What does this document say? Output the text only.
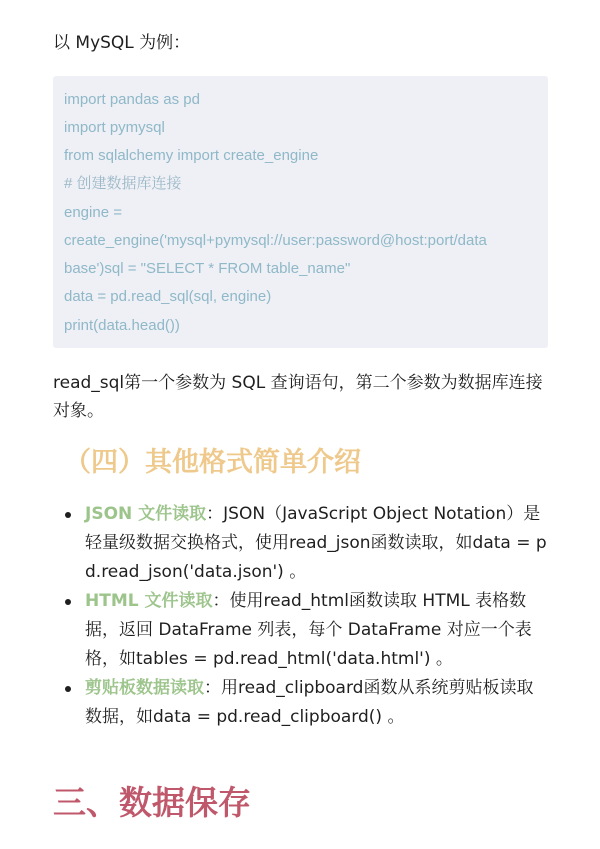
以 MySQL 为例：
import pandas as pd
import pymysql
from sqlalchemy import create_engine
# 创建数据库连接
engine =
create_engine('mysql+pymysql://user:password@host:port/data
base')sql = "SELECT * FROM table_name"
data = pd.read_sql(sql, engine)
print(data.head())
read_sql第一个参数为 SQL 查询语句，第二个参数为数据库连接对象。
（四）其他格式简单介绍
JSON 文件读取：JSON（JavaScript Object Notation）是轻量级数据交换格式，使用read_json函数读取，如data = pd.read_json('data.json') 。
HTML 文件读取：使用read_html函数读取 HTML 表格数据，返回 DataFrame 列表，每个 DataFrame 对应一个表格，如tables = pd.read_html('data.html') 。
剪贴板数据读取：用read_clipboard函数从系统剪贴板读取数据，如data = pd.read_clipboard() 。
三、数据保存
